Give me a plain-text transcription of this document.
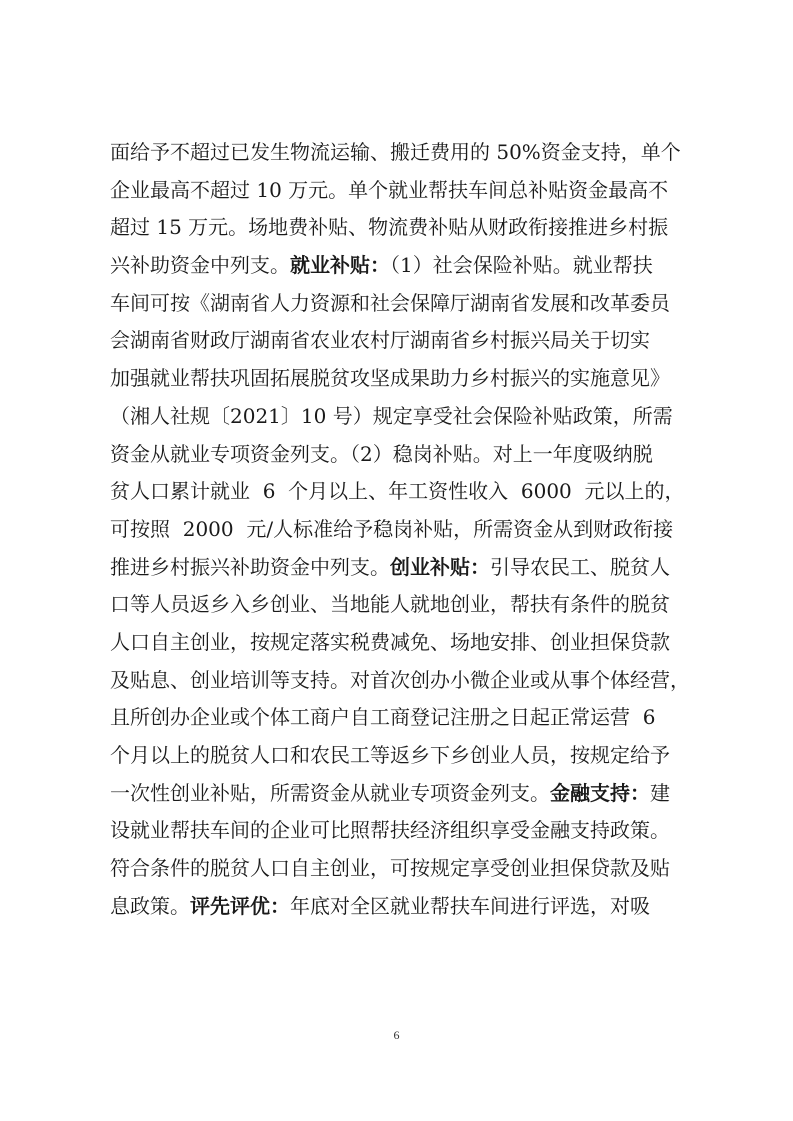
面给予不超过已发生物流运输、搬迁费用的 50%资金支持，单个
企业最高不超过 10 万元。单个就业帮扶车间总补贴资金最高不
超过 15 万元。场地费补贴、物流费补贴从财政衔接推进乡村振
兴补助资金中列支。就业补贴：（1）社会保险补贴。就业帮扶
车间可按《湖南省人力资源和社会保障厅湖南省发展和改革委员
会湖南省财政厅湖南省农业农村厅湖南省乡村振兴局关于切实
加强就业帮扶巩固拓展脱贫攻坚成果助力乡村振兴的实施意见》
（湘人社规〔2021〕10 号）规定享受社会保险补贴政策，所需
资金从就业专项资金列支。（2）稳岗补贴。对上一年度吸纳脱
贫人口累计就业  6  个月以上、年工资性收入  6000  元以上的，
可按照  2000  元/人标准给予稳岗补贴，所需资金从到财政衔接
推进乡村振兴补助资金中列支。创业补贴：引导农民工、脱贫人
口等人员返乡入乡创业、当地能人就地创业，帮扶有条件的脱贫
人口自主创业，按规定落实税费减免、场地安排、创业担保贷款
及贴息、创业培训等支持。对首次创办小微企业或从事个体经营，
且所创办企业或个体工商户自工商登记注册之日起正常运营  6
个月以上的脱贫人口和农民工等返乡下乡创业人员，按规定给予
一次性创业补贴，所需资金从就业专项资金列支。金融支持：建
设就业帮扶车间的企业可比照帮扶经济组织享受金融支持政策。
符合条件的脱贫人口自主创业，可按规定享受创业担保贷款及贴
息政策。评先评优：年底对全区就业帮扶车间进行评选，对吸
6
